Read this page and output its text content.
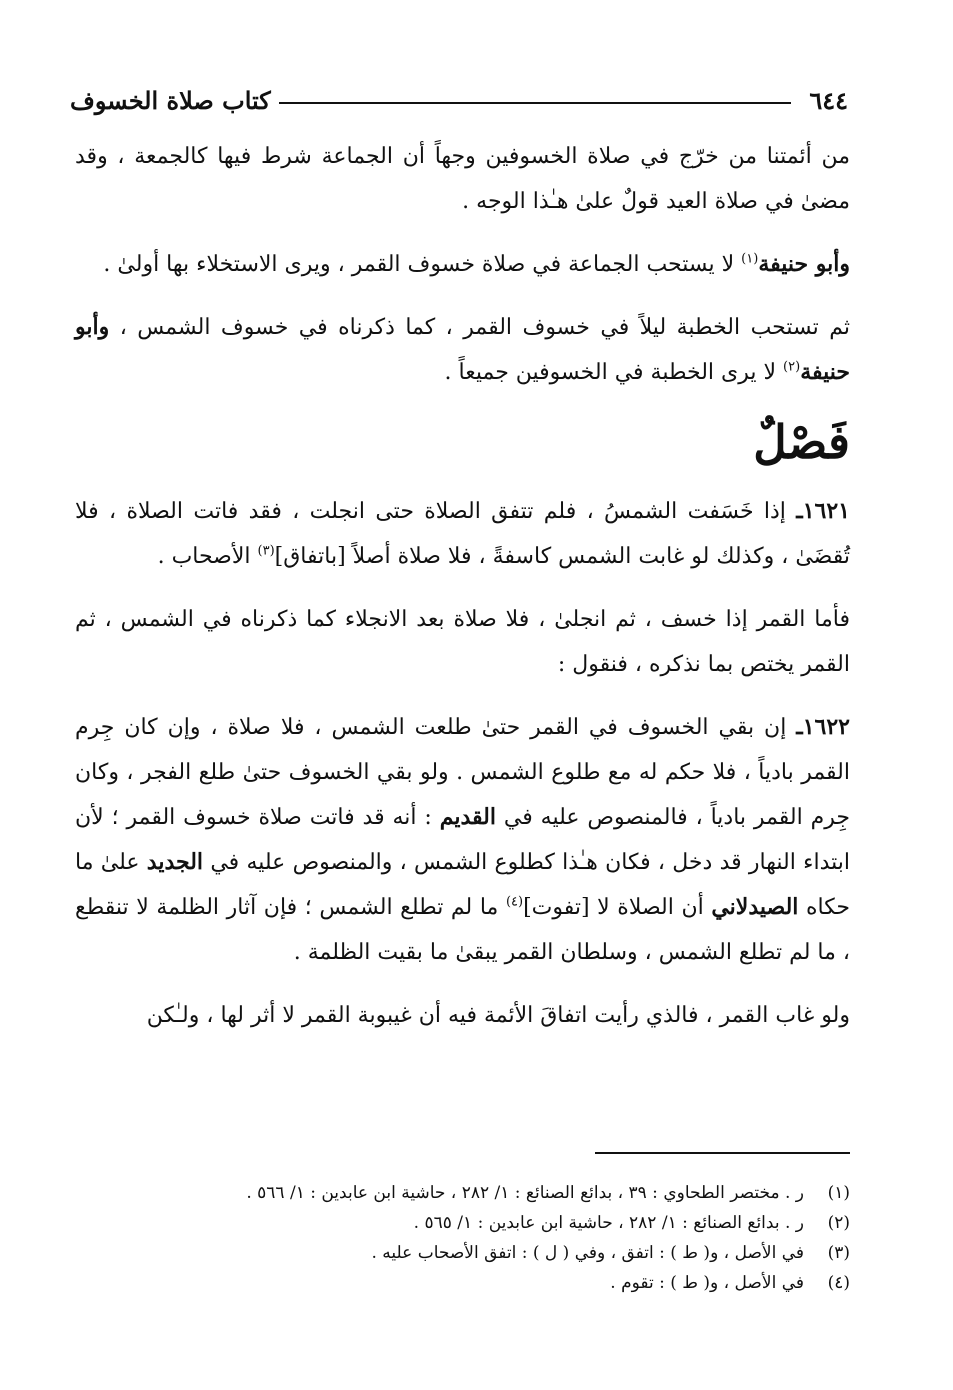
٦٤٤
كتاب صلاة الخسوف

من أئمتنا من خرّج في صلاة الخسوفين وجهاً أن الجماعة شرط فيها كالجمعة ، وقد مضىٰ في صلاة العيد قولٌ علىٰ هـٰذا الوجه .

وأبو حنيفة$^{(١)}$ لا يستحب الجماعة في صلاة خسوف القمر ، ويرى الاستخلاء بها أولىٰ .

ثم تستحب الخطبة ليلاً في خسوف القمر ، كما ذكرناه في خسوف الشمس ، وأبو حنيفة$^{(٢)}$ لا يرى الخطبة في الخسوفين جميعاً .

فَصْلٌ

١٦٢١ـ إذا خَسَفت الشمسُ ، فلم تتفق الصلاة حتى انجلت ، فقد فاتت الصلاة ، فلا تُقضَىٰ ، وكذلك لو غابت الشمس كاسفةً ، فلا صلاة أصلاً [باتفاق]$^{(٣)}$ الأصحاب .

فأما القمر إذا خسف ، ثم انجلىٰ ، فلا صلاة بعد الانجلاء كما ذكرناه في الشمس ، ثم القمر يختص بما نذكره ، فنقول :

١٦٢٢ـ إن بقي الخسوف في القمر حتىٰ طلعت الشمس ، فلا صلاة ، وإن كان جِرم القمر بادياً ، فلا حكم له مع طلوع الشمس . ولو بقي الخسوف حتىٰ طلع الفجر ، وكان جِرم القمر بادياً ، فالمنصوص عليه في القديم : أنه قد فاتت صلاة خسوف القمر ؛ لأن ابتداء النهار قد دخل ، فكان هـٰذا كطلوع الشمس ، والمنصوص عليه في الجديد علىٰ ما حكاه الصيدلاني أن الصلاة لا [تفوت]$^{(٤)}$ ما لم تطلع الشمس ؛ فإن آثار الظلمة لا تنقطع ، ما لم تطلع الشمس ، وسلطان القمر يبقىٰ ما بقيت الظلمة .

ولو غاب القمر ، فالذي رأيت اتفاقَ الأئمة فيه أن غيبوبة القمر لا أثر لها ، ولـٰكن

(١)
ر . مختصر الطحاوي : ٣٩ ، بدائع الصنائع : ١/ ٢٨٢ ، حاشية ابن عابدين : ١/ ٥٦٦ .
(٢)
ر . بدائع الصنائع : ١/ ٢٨٢ ، حاشية ابن عابدين : ١/ ٥٦٥ .
(٣)
في الأصل ، و( ط ) : اتفق ، وفي ( ل ) : اتفق الأصحاب عليه .
(٤)
في الأصل ، و( ط ) : تقوم .
